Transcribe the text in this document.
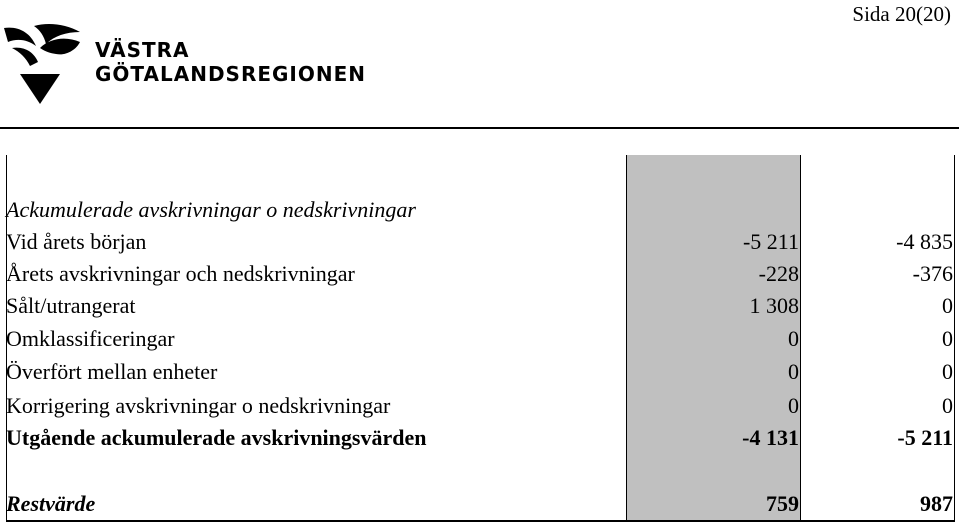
Sida 20(20)
VÄSTRA
GÖTALANDSREGIONEN
Ackumulerade avskrivningar o nedskrivningar
Vid årets början	-5 211	-4 835
Årets avskrivningar och nedskrivningar	-228	-376
Sålt/utrangerat	1 308	0
Omklassificeringar	0	0
Överfört mellan enheter	0	0
Korrigering avskrivningar o nedskrivningar	0	0
Utgående ackumulerade avskrivningsvärden	-4 131	-5 211
Restvärde	759	987
